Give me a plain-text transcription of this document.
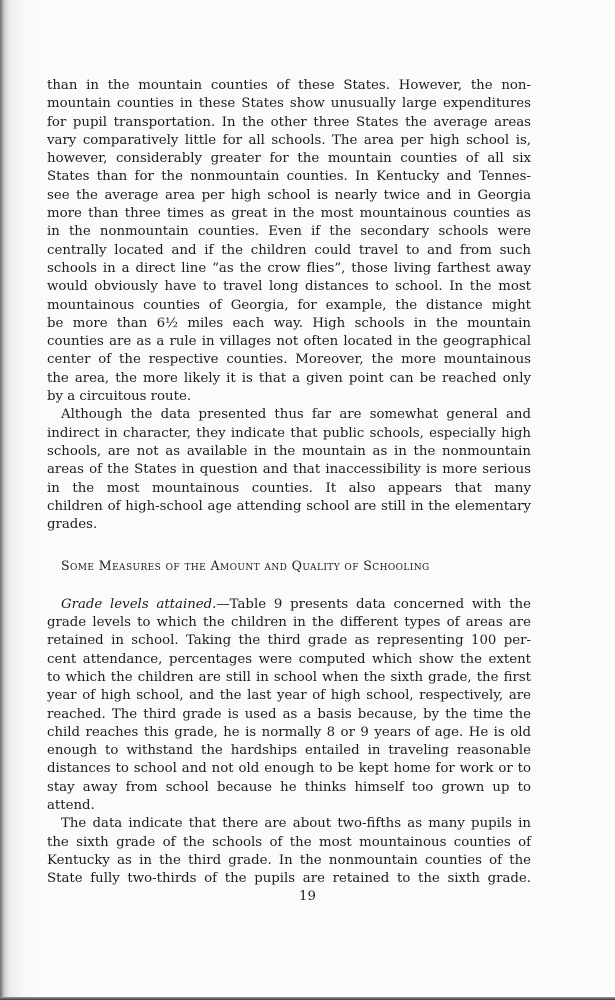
than in the mountain counties of these States. However, the non-
mountain counties in these States show unusually large expenditures
for pupil transportation. In the other three States the average areas
vary comparatively little for all schools. The area per high school is,
however, considerably greater for the mountain counties of all six
States than for the nonmountain counties. In Kentucky and Tennes-
see the average area per high school is nearly twice and in Georgia
more than three times as great in the most mountainous counties as
in the nonmountain counties. Even if the secondary schools were
centrally located and if the children could travel to and from such
schools in a direct line “as the crow flies”, those living farthest away
would obviously have to travel long distances to school. In the most
mountainous counties of Georgia, for example, the distance might
be more than 6½ miles each way. High schools in the mountain
counties are as a rule in villages not often located in the geographical
center of the respective counties. Moreover, the more mountainous
the area, the more likely it is that a given point can be reached only
by a circuitous route.
Although the data presented thus far are somewhat general and
indirect in character, they indicate that public schools, especially high
schools, are not as available in the mountain as in the nonmountain
areas of the States in question and that inaccessibility is more serious
in the most mountainous counties. It also appears that many
children of high-school age attending school are still in the elementary
grades.
Some Measures of the Amount and Quality of Schooling
Grade levels attained.—Table 9 presents data concerned with the
grade levels to which the children in the different types of areas are
retained in school. Taking the third grade as representing 100 per-
cent attendance, percentages were computed which show the extent
to which the children are still in school when the sixth grade, the first
year of high school, and the last year of high school, respectively, are
reached. The third grade is used as a basis because, by the time the
child reaches this grade, he is normally 8 or 9 years of age. He is old
enough to withstand the hardships entailed in traveling reasonable
distances to school and not old enough to be kept home for work or to
stay away from school because he thinks himself too grown up to
attend.
The data indicate that there are about two-fifths as many pupils in
the sixth grade of the schools of the most mountainous counties of
Kentucky as in the third grade. In the nonmountain counties of the
State fully two-thirds of the pupils are retained to the sixth grade.
19
